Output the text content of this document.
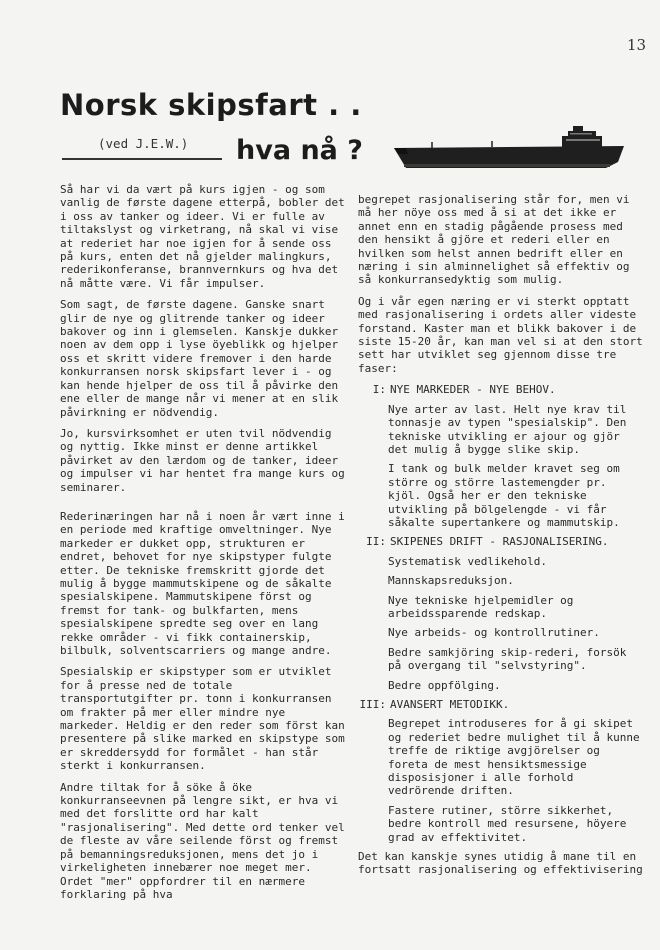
13
Norsk skipsfart . .
(ved J.E.W.) hva nå ?

Så har vi da vært på kurs igjen - og som vanlig de første dagene etterpå, bobler det i oss av tanker og ideer. Vi er fulle av tiltakslyst og virketrang, nå skal vi vise at rederiet har noe igjen for å sende oss på kurs, enten det nå gjelder malingkurs, rederikonferanse, brannvernkurs og hva det nå måtte være. Vi får impulser.

Som sagt, de første dagene. Ganske snart glir de nye og glitrende tanker og ideer bakover og inn i glemselen. Kanskje dukker noen av dem opp i lyse öyeblikk og hjelper oss et skritt videre fremover i den harde konkurransen norsk skipsfart lever i - og kan hende hjelper de oss til å påvirke den ene eller de mange når vi mener at en slik påvirkning er nödvendig.

Jo, kursvirksomhet er uten tvil nödvendig og nyttig. Ikke minst er denne artikkel påvirket av den lærdom og de tanker, ideer og impulser vi har hentet fra mange kurs og seminarer.

Rederinæringen har nå i noen år vært inne i en periode med kraftige omveltninger. Nye markeder er dukket opp, strukturen er endret, behovet for nye skipstyper fulgte etter. De tekniske fremskritt gjorde det mulig å bygge mammutskipene og de såkalte spesialskipene. Mammutskipene först og fremst for tank- og bulkfarten, mens spesialskipene spredte seg over en lang rekke områder - vi fikk containerskip, bilbulk, solventscarriers og mange andre.

Spesialskip er skipstyper som er utviklet for å presse ned de totale transportutgifter pr. tonn i konkurransen om frakter på mer eller mindre nye markeder. Heldig er den reder som först kan presentere på slike marked en skipstype som er skreddersydd for formålet - han står sterkt i konkurransen.

Andre tiltak for å söke å öke konkurranseevnen på lengre sikt, er hva vi med det forslitte ord har kalt "rasjonalisering". Med dette ord tenker vel de fleste av våre seilende först og fremst på bemanningsreduksjonen, mens det jo i virkeligheten innebærer noe meget mer. Ordet "mer" oppfordrer til en nærmere forklaring på hva

begrepet rasjonalisering står for, men vi må her nöye oss med å si at det ikke er annet enn en stadig pågående prosess med den hensikt å gjöre et rederi eller en hvilken som helst annen bedrift eller en næring i sin alminnelighet så effektiv og så konkurransedyktig som mulig.

Og i vår egen næring er vi sterkt opptatt med rasjonalisering i ordets aller videste forstand. Kaster man et blikk bakover i de siste 15-20 år, kan man vel si at den stort sett har utviklet seg gjennom disse tre faser:

I: NYE MARKEDER - NYE BEHOV.

Nye arter av last. Helt nye krav til tonnasje av typen "spesialskip". Den tekniske utvikling er ajour og gjör det mulig å bygge slike skip.

I tank og bulk melder kravet seg om större og större lastemengder pr. kjöl. Også her er den tekniske utvikling på bölgelengde - vi får såkalte supertankere og mammutskip.

II: SKIPENES DRIFT - RASJONALISERING.

Systematisk vedlikehold.

Mannskapsreduksjon.

Nye tekniske hjelpemidler og arbeidssparende redskap.

Nye arbeids- og kontrollrutiner.

Bedre samkjöring skip-rederi, forsök på overgang til "selvstyring".

Bedre oppfölging.

III: AVANSERT METODIKK.

Begrepet introduseres for å gi skipet og rederiet bedre mulighet til å kunne treffe de riktige avgjörelser og foreta de mest hensiktsmessige disposisjoner i alle forhold vedrörende driften.

Fastere rutiner, större sikkerhet, bedre kontroll med resursene, höyere grad av effektivitet.

Det kan kanskje synes utidig å mane til en fortsatt rasjonalisering og effektivisering
